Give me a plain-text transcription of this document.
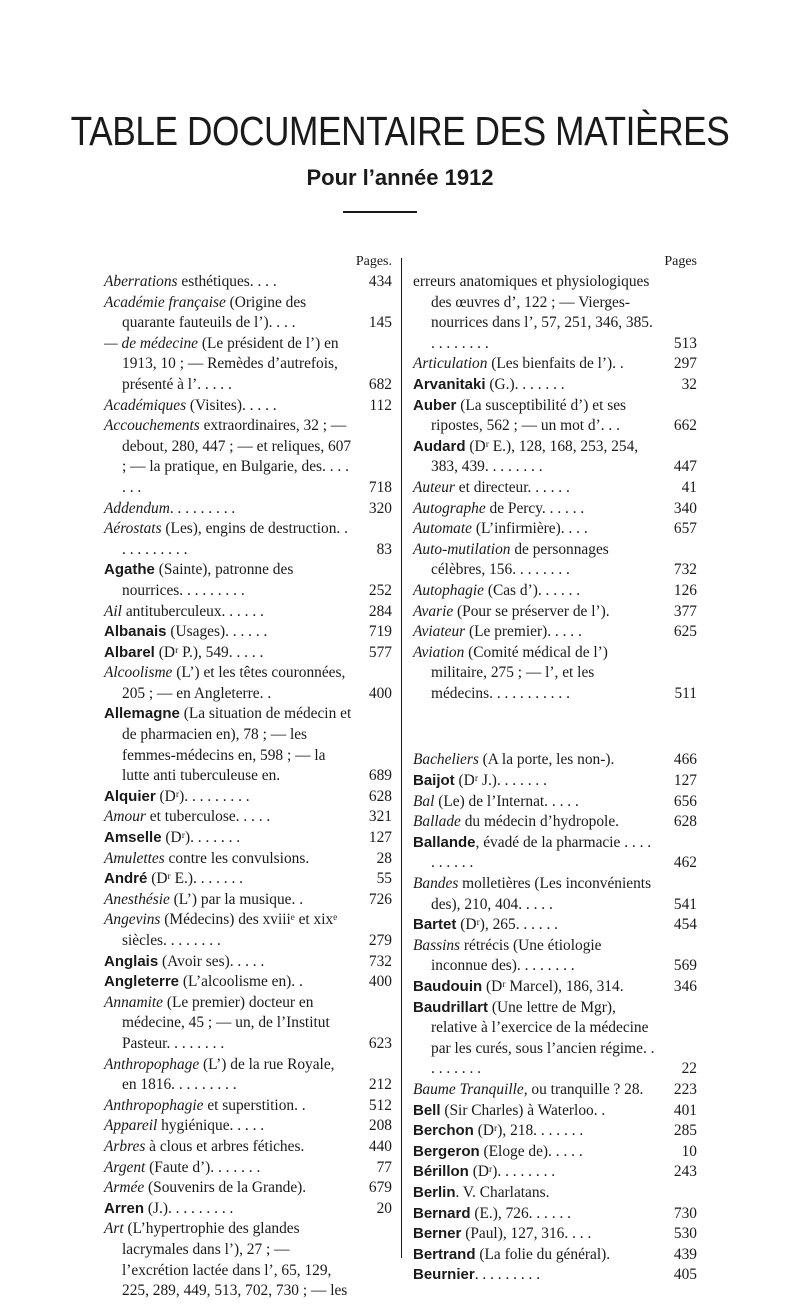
TABLE DOCUMENTAIRE DES MATIÈRES
Pour l’année 1912
Pages.
Aberrations esthétiques. . . .	434
Académie française (Origine des quarante fauteuils de l’). . . .	145
— de médecine (Le président de l’) en 1913, 10 ; — Remèdes d’autrefois, présenté à l’. . . . .	682
Académiques (Visites). . . . .	112
Accouchements extraordinaires, 32 ; — debout, 280, 447 ; — et reliques, 607 ; — la pratique, en Bulgarie, des. . . . . . .	718
Addendum. . . . . . . . .	320
Aérostats (Les), engins de destruction. . . . . . . . . . .	83
Agathe (Sainte), patronne des nourrices. . . . . . . . .	252
Ail antituberculeux. . . . . .	284
Albanais (Usages). . . . . .	719
Albarel (Dʳ P.), 549. . . . .	577
Alcoolisme (L’) et les têtes couronnées, 205 ; — en Angleterre. .	400
Allemagne (La situation de médecin et de pharmacien en), 78 ; — les femmes-médecins en, 598 ; — la lutte anti tuberculeuse en.	689
Alquier (Dʳ). . . . . . . . .	628
Amour et tuberculose. . . . .	321
Amselle (Dʳ). . . . . . .	127
Amulettes contre les convulsions.	28
André (Dʳ E.). . . . . . .	55
Anesthésie (L’) par la musique. .	726
Angevins (Médecins) des xviiiᵉ et xixᵉ siècles. . . . . . . .	279
Anglais (Avoir ses). . . . .	732
Angleterre (L’alcoolisme en). .	400
Annamite (Le premier) docteur en médecine, 45 ; — un, de l’Institut Pasteur. . . . . . . .	623
Anthropophage (L’) de la rue Royale, en 1816. . . . . . . . .	212
Anthropophagie et superstition. .	512
Appareil hygiénique. . . . .	208
Arbres à clous et arbres fétiches.	440
Argent (Faute d’). . . . . . .	77
Armée (Souvenirs de la Grande).	679
Arren (J.). . . . . . . . .	20
Art (L’hypertrophie des glandes lacrymales dans l’), 27 ; — l’excrétion lactée dans l’, 65, 129, 225, 289, 449, 513, 702, 730 ; — les
Pages
erreurs anatomiques et physiologiques des œuvres d’, 122 ; — Vierges-nourrices dans l’, 57, 251, 346, 385. . . . . . . . .	513
Articulation (Les bienfaits de l’). .	297
Arvanitaki (G.). . . . . . .	32
Auber (La susceptibilité d’) et ses ripostes, 562 ; — un mot d’. . .	662
Audard (Dʳ E.), 128, 168, 253, 254, 383, 439. . . . . . . .	447
Auteur et directeur. . . . . .	41
Autographe de Percy. . . . . .	340
Automate (L’infirmière). . . .	657
Auto-mutilation de personnages célèbres, 156. . . . . . . .	732
Autophagie (Cas d’). . . . . .	126
Avarie (Pour se préserver de l’).	377
Aviateur (Le premier). . . . .	625
Aviation (Comité médical de l’) militaire, 275 ; — l’, et les médecins. . . . . . . . . . .	511
Bacheliers (A la porte, les non-).	466
Baijot (Dʳ J.). . . . . . .	127
Bal (Le) de l’Internat. . . . .	656
Ballade du médecin d’hydropole.	628
Ballande, évadé de la pharmacie . . . . . . . . . .	462
Bandes molletières (Les inconvénients des), 210, 404. . . . .	541
Bartet (Dʳ), 265. . . . . .	454
Bassins rétrécis (Une étiologie inconnue des). . . . . . . .	569
Baudouin (Dʳ Marcel), 186, 314.	346
Baudrillart (Une lettre de Mgr), relative à l’exercice de la médecine par les curés, sous l’ancien régime. . . . . . . . .	22
Baume Tranquille, ou tranquille ? 28. 223
Bell (Sir Charles) à Waterloo. .	401
Berchon (Dʳ), 218. . . . . . .	285
Bergeron (Eloge de). . . . .	10
Bérillon (Dʳ). . . . . . . .	243
Berlin. V. Charlatans.
Bernard (E.), 726. . . . . .	730
Berner (Paul), 127, 316. . . .	530
Bertrand (La folie du général).	439
Beurnier. . . . . . . . .	405
